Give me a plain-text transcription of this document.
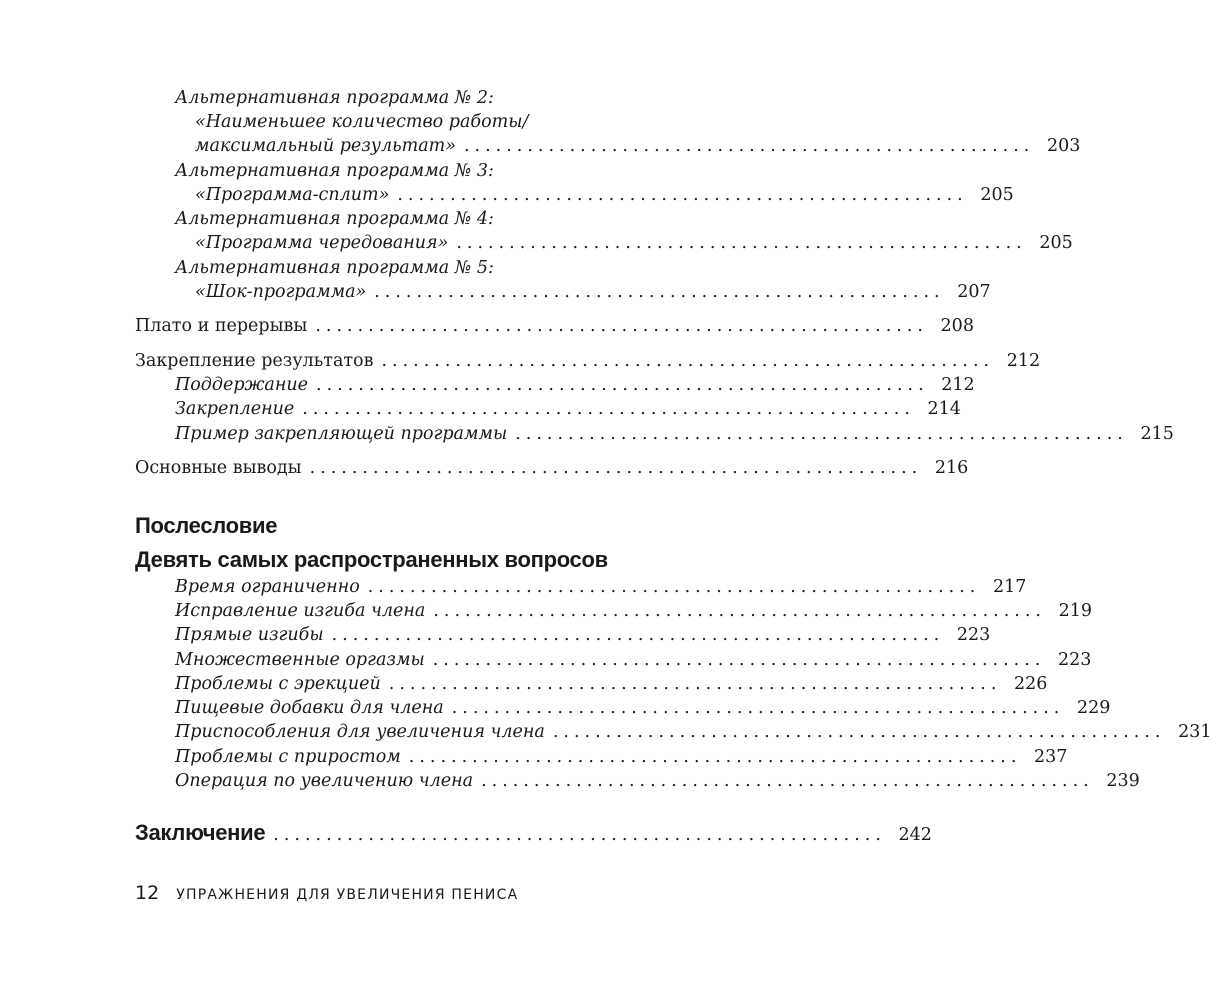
Альтернативная программа № 2:
«Наименьшее количество работы/
максимальный результат» ...................................................... 203
Альтернативная программа № 3:
«Программа-сплит» ...................................................... 205
Альтернативная программа № 4:
«Программа чередования» ...................................................... 205
Альтернативная программа № 5:
«Шок-программа» ...................................................... 207
Плато и перерывы .......................................................... 208
Закрепление результатов .......................................................... 212
Поддержание .......................................................... 212
Закрепление .......................................................... 214
Пример закрепляющей программы .......................................................... 215
Основные выводы .......................................................... 216
Послесловие
Девять самых распространенных вопросов
Время ограниченно .......................................................... 217
Исправление изгиба члена .......................................................... 219
Прямые изгибы .......................................................... 223
Множественные оргазмы .......................................................... 223
Проблемы с эрекцией .......................................................... 226
Пищевые добавки для члена .......................................................... 229
Приспособления для увеличения члена .......................................................... 231
Проблемы с приростом .......................................................... 237
Операция по увеличению члена .......................................................... 239
Заключение .......................................................... 242
12 УПРАЖНЕНИЯ ДЛЯ УВЕЛИЧЕНИЯ ПЕНИСА
